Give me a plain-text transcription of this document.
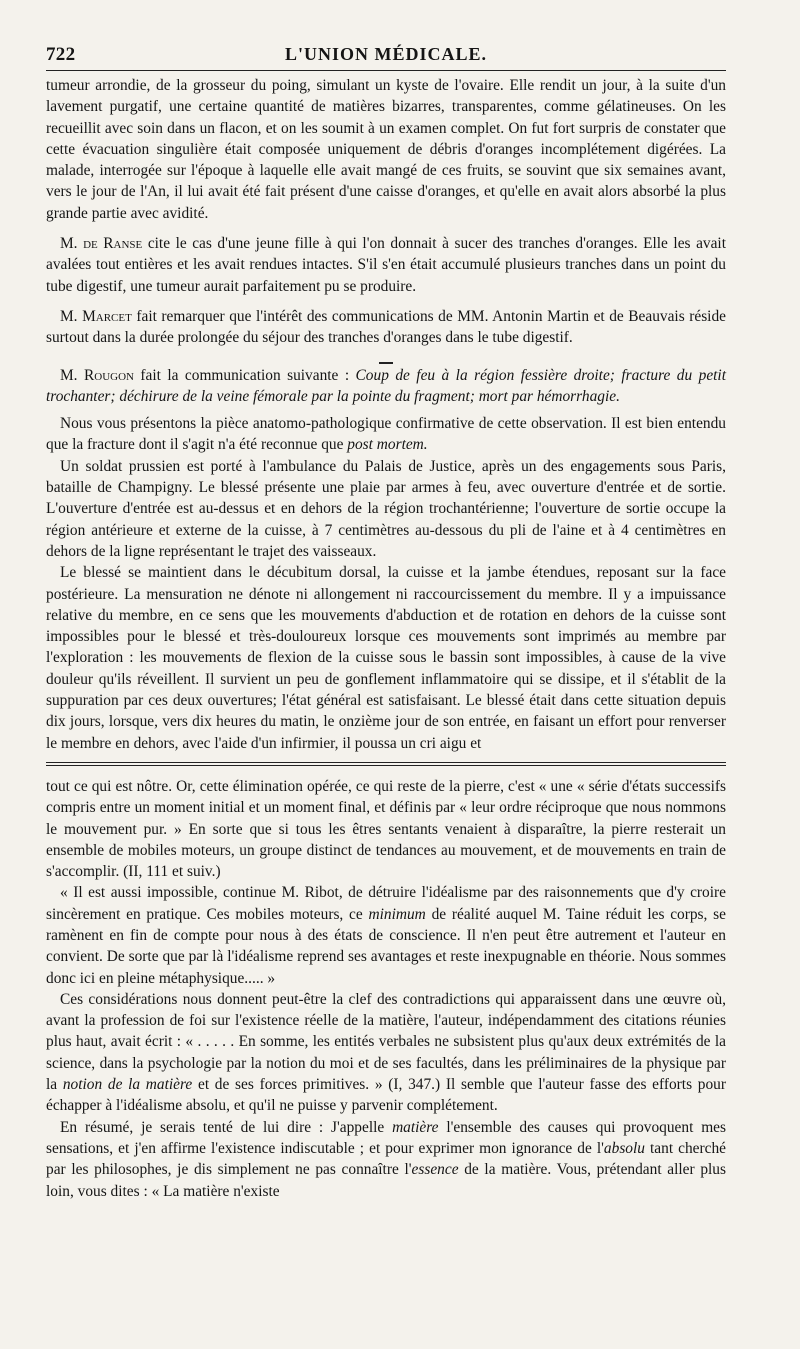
722	L'UNION MÉDICALE.

tumeur arrondie, de la grosseur du poing, simulant un kyste de l'ovaire. Elle rendit un jour, à la suite d'un lavement purgatif, une certaine quantité de matières bizarres, transparentes, comme gélatineuses. On les recueillit avec soin dans un flacon, et on les soumit à un examen complet. On fut fort surpris de constater que cette évacuation singulière était composée uniquement de débris d'oranges incomplétement digérées. La malade, interrogée sur l'époque à laquelle elle avait mangé de ces fruits, se souvint que six semaines avant, vers le jour de l'An, il lui avait été fait présent d'une caisse d'oranges, et qu'elle en avait alors absorbé la plus grande partie avec avidité.

M. de Ranse cite le cas d'une jeune fille à qui l'on donnait à sucer des tranches d'oranges. Elle les avait avalées tout entières et les avait rendues intactes. S'il s'en était accumulé plusieurs tranches dans un point du tube digestif, une tumeur aurait parfaitement pu se produire.

M. Marcet fait remarquer que l'intérêt des communications de MM. Antonin Martin et de Beauvais réside surtout dans la durée prolongée du séjour des tranches d'oranges dans le tube digestif.

M. Rougon fait la communication suivante : Coup de feu à la région fessière droite; fracture du petit trochanter; déchirure de la veine fémorale par la pointe du fragment; mort par hémorrhagie.

Nous vous présentons la pièce anatomo-pathologique confirmative de cette observation. Il est bien entendu que la fracture dont il s'agit n'a été reconnue que post mortem.

Un soldat prussien est porté à l'ambulance du Palais de Justice, après un des engagements sous Paris, bataille de Champigny. Le blessé présente une plaie par armes à feu, avec ouverture d'entrée et de sortie. L'ouverture d'entrée est au-dessus et en dehors de la région trochantérienne; l'ouverture de sortie occupe la région antérieure et externe de la cuisse, à 7 centimètres au-dessous du pli de l'aine et à 4 centimètres en dehors de la ligne représentant le trajet des vaisseaux.

Le blessé se maintient dans le décubitum dorsal, la cuisse et la jambe étendues, reposant sur la face postérieure. La mensuration ne dénote ni allongement ni raccourcissement du membre. Il y a impuissance relative du membre, en ce sens que les mouvements d'abduction et de rotation en dehors de la cuisse sont impossibles pour le blessé et très-douloureux lorsque ces mouvements sont imprimés au membre par l'exploration : les mouvements de flexion de la cuisse sous le bassin sont impossibles, à cause de la vive douleur qu'ils réveillent. Il survient un peu de gonflement inflammatoire qui se dissipe, et il s'établit de la suppuration par ces deux ouvertures; l'état général est satisfaisant. Le blessé était dans cette situation depuis dix jours, lorsque, vers dix heures du matin, le onzième jour de son entrée, en faisant un effort pour renverser le membre en dehors, avec l'aide d'un infirmier, il poussa un cri aigu et

tout ce qui est nôtre. Or, cette élimination opérée, ce qui reste de la pierre, c'est « une « série d'états successifs compris entre un moment initial et un moment final, et définis par « leur ordre réciproque que nous nommons le mouvement pur. » En sorte que si tous les êtres sentants venaient à disparaître, la pierre resterait un ensemble de mobiles moteurs, un groupe distinct de tendances au mouvement, et de mouvements en train de s'accomplir. (II, 111 et suiv.)

« Il est aussi impossible, continue M. Ribot, de détruire l'idéalisme par des raisonnements que d'y croire sincèrement en pratique. Ces mobiles moteurs, ce minimum de réalité auquel M. Taine réduit les corps, se ramènent en fin de compte pour nous à des états de conscience. Il n'en peut être autrement et l'auteur en convient. De sorte que par là l'idéalisme reprend ses avantages et reste inexpugnable en théorie. Nous sommes donc ici en pleine métaphysique..... »

Ces considérations nous donnent peut-être la clef des contradictions qui apparaissent dans une œuvre où, avant la profession de foi sur l'existence réelle de la matière, l'auteur, indépendamment des citations réunies plus haut, avait écrit : « . . . . . En somme, les entités verbales ne subsistent plus qu'aux deux extrémités de la science, dans la psychologie par la notion du moi et de ses facultés, dans les préliminaires de la physique par la notion de la matière et de ses forces primitives. » (I, 347.) Il semble que l'auteur fasse des efforts pour échapper à l'idéalisme absolu, et qu'il ne puisse y parvenir complétement.

En résumé, je serais tenté de lui dire : J'appelle matière l'ensemble des causes qui provoquent mes sensations, et j'en affirme l'existence indiscutable ; et pour exprimer mon ignorance de l'absolu tant cherché par les philosophes, je dis simplement ne pas connaître l'essence de la matière. Vous, prétendant aller plus loin, vous dites : « La matière n'existe
